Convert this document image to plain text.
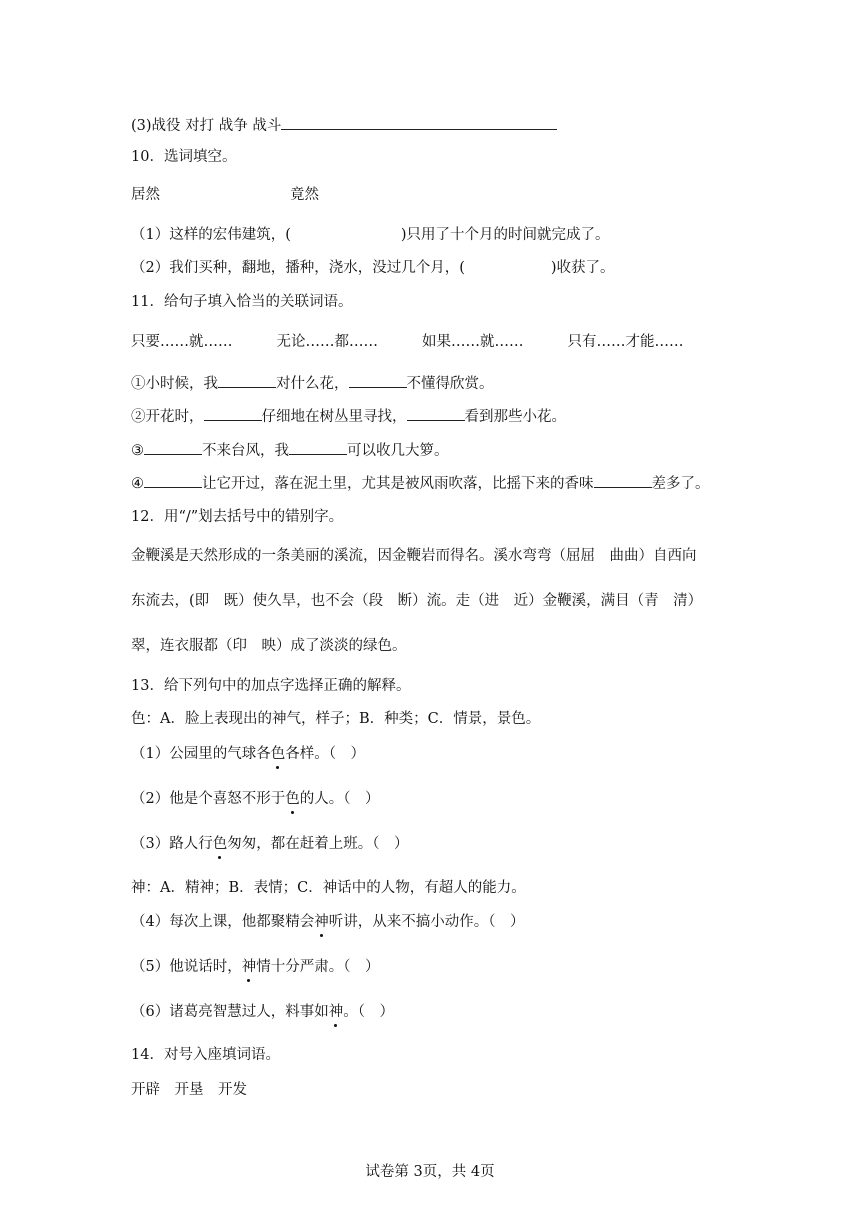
(3)战役 对打 战争 战斗
10．选词填空。
居然	竟然
（1）这样的宏伟建筑，(	)只用了十个月的时间就完成了。
（2）我们买种，翻地，播种，浇水，没过几个月，(	)收获了。
11．给句子填入恰当的关联词语。
只要……就……	无论……都……	如果……就……	只有……才能……
①小时候，我	对什么花，	不懂得欣赏。
②开花时，	仔细地在树丛里寻找，	看到那些小花。
③	不来台风，我	可以收几大箩。
④	让它开过，落在泥土里，尤其是被风雨吹落，比摇下来的香味	差多了。
12．用“/”划去括号中的错别字。
金鞭溪是天然形成的一条美丽的溪流，因金鞭岩而得名。溪水弯弯（屈屈　曲曲）自西向
东流去，(即　既）使久旱，也不会（段　断）流。走（进　近）金鞭溪，满目（青　清）
翠，连衣服都（印　映）成了淡淡的绿色。
13．给下列句中的加点字选择正确的解释。
色：A．脸上表现出的神气，样子；B．种类；C．情景，景色。
（1）公园里的气球各色各样。（　）
（2）他是个喜怒不形于色的人。（　）
（3）路人行色匆匆，都在赶着上班。（　）
神：A．精神；B．表情；C．神话中的人物，有超人的能力。
（4）每次上课，他都聚精会神听讲，从来不搞小动作。（　）
（5）他说话时，神情十分严肃。（　）
（6）诸葛亮智慧过人，料事如神。（　）
14．对号入座填词语。
开辟　开垦　开发
试卷第 3页，共 4页
